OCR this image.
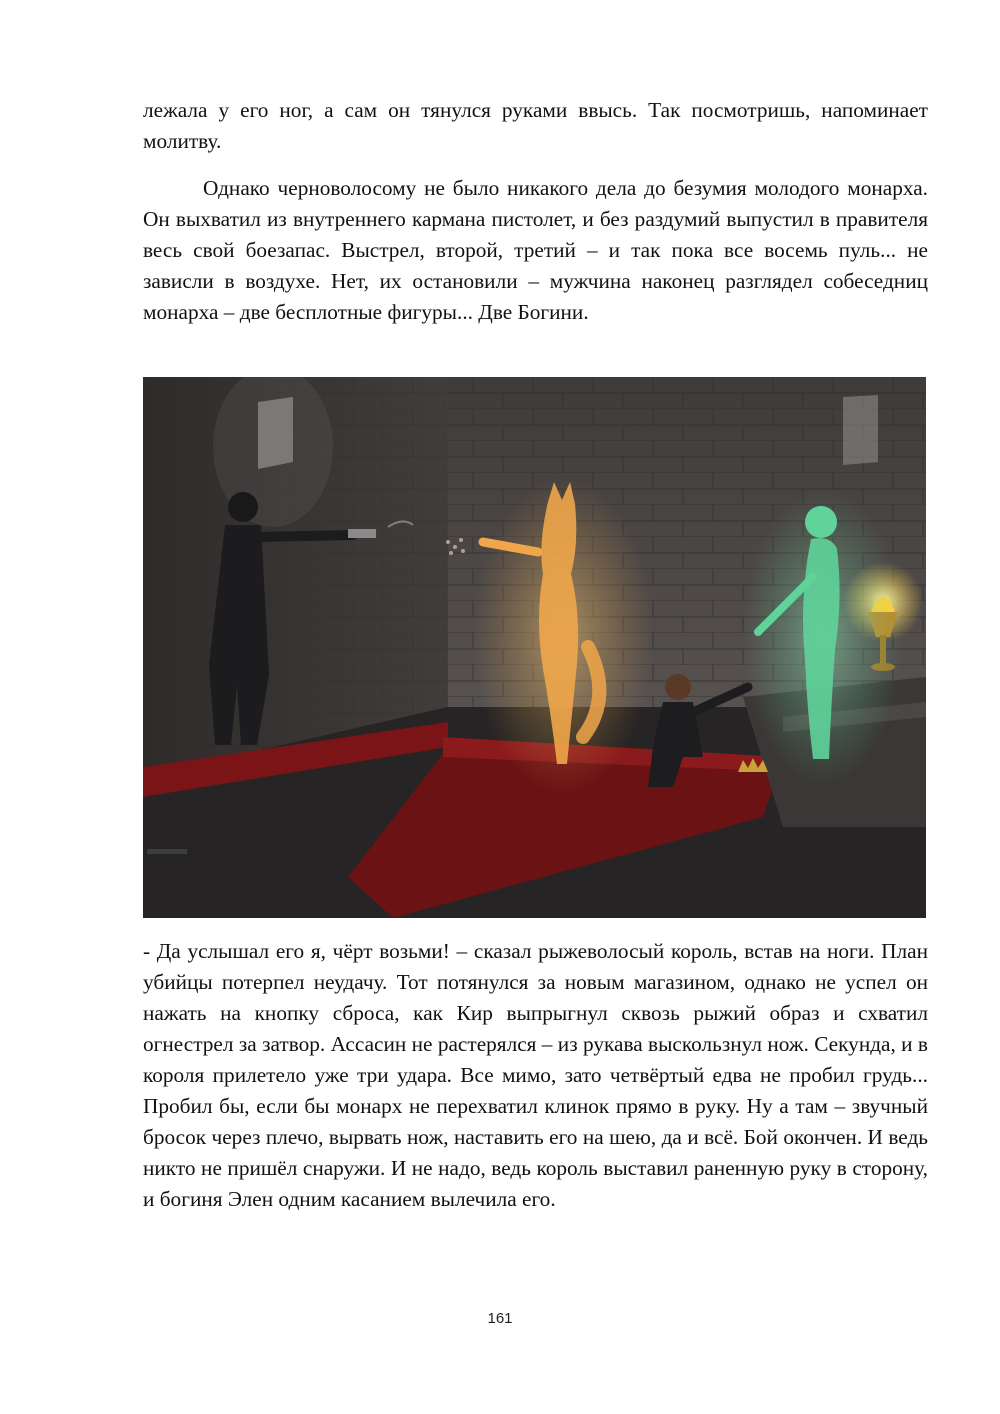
лежала у его ног, а сам он тянулся руками ввысь. Так посмотришь, напоминает молитву.

Однако черноволосому не было никакого дела до безумия молодого монарха. Он выхватил из внутреннего кармана пистолет, и без раздумий выпустил в правителя весь свой боезапас. Выстрел, второй, третий – и так пока все восемь пуль... не зависли в воздухе. Нет, их остановили – мужчина наконец разглядел собеседниц монарха – две бесплотные фигуры... Две Богини.

- Да услышал его я, чёрт возьми! – сказал рыжеволосый король, встав на ноги. План убийцы потерпел неудачу. Тот потянулся за новым магазином, однако не успел он нажать на кнопку сброса, как Кир выпрыгнул сквозь рыжий образ и схватил огнестрел за затвор. Ассасин не растерялся – из рукава выскользнул нож. Секунда, и в короля прилетело уже три удара. Все мимо, зато четвёртый едва не пробил грудь... Пробил бы, если бы монарх не перехватил клинок прямо в руку. Ну а там – звучный бросок через плечо, вырвать нож, наставить его на шею, да и всё. Бой окончен. И ведь никто не пришёл снаружи. И не надо, ведь король выставил раненную руку в сторону, и богиня Элен одним касанием вылечила его.

161
